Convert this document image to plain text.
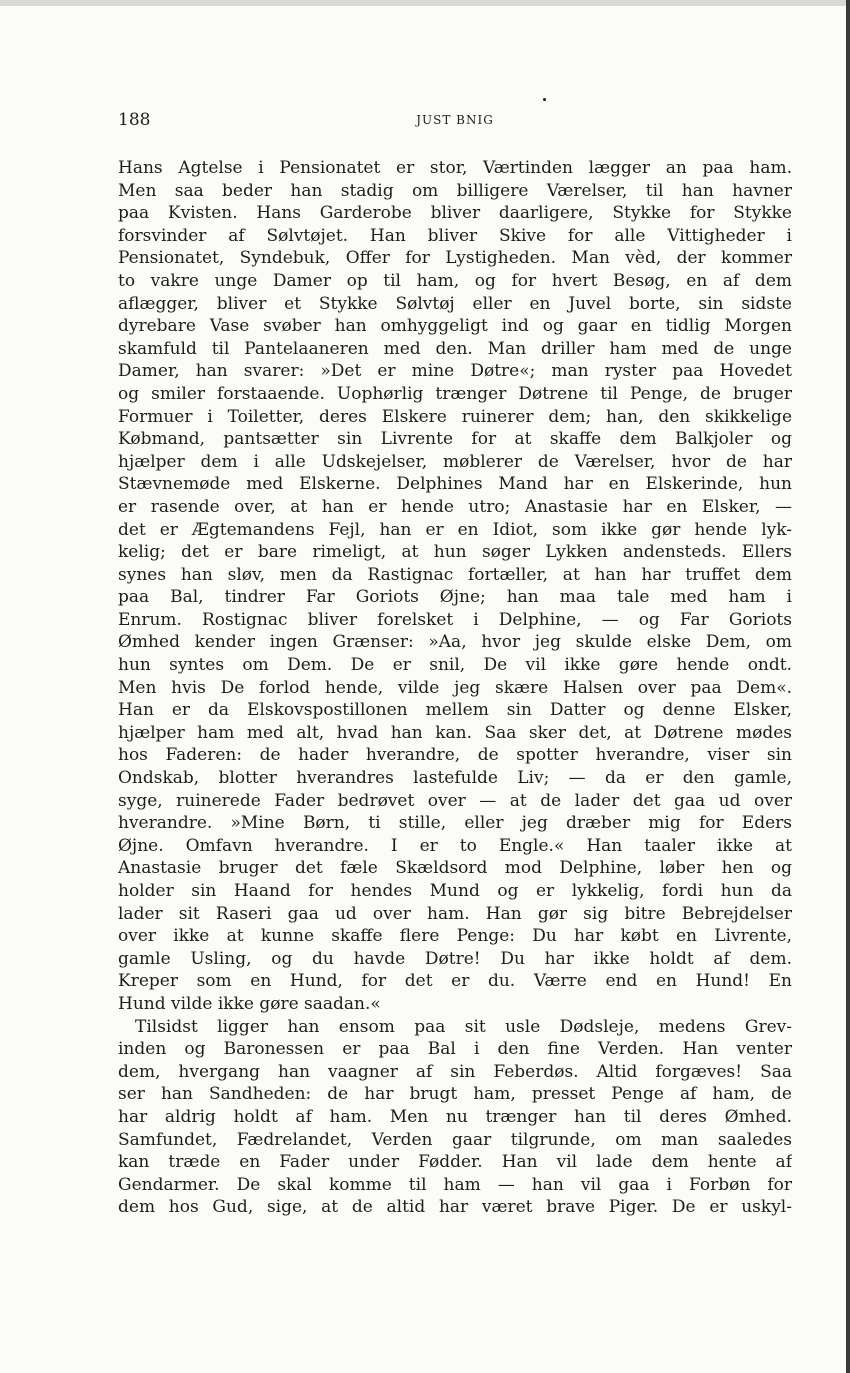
188	JUST BNIG
Hans Agtelse i Pensionatet er stor, Værtinden lægger an paa ham.
Men saa beder han stadig om billigere Værelser, til han havner
paa Kvisten. Hans Garderobe bliver daarligere, Stykke for Stykke
forsvinder af Sølvtøjet. Han bliver Skive for alle Vittigheder i
Pensionatet, Syndebuk, Offer for Lystigheden. Man vèd, der kommer
to vakre unge Damer op til ham, og for hvert Besøg, en af dem
aflægger, bliver et Stykke Sølvtøj eller en Juvel borte, sin sidste
dyrebare Vase svøber han omhyggeligt ind og gaar en tidlig Morgen
skamfuld til Pantelaaneren med den. Man driller ham med de unge
Damer, han svarer: »Det er mine Døtre«; man ryster paa Hovedet
og smiler forstaaende. Uophørlig trænger Døtrene til Penge, de bruger
Formuer i Toiletter, deres Elskere ruinerer dem; han, den skikkelige
Købmand, pantsætter sin Livrente for at skaffe dem Balkjoler og
hjælper dem i alle Udskejelser, møblerer de Værelser, hvor de har
Stævnemøde med Elskerne. Delphines Mand har en Elskerinde, hun
er rasende over, at han er hende utro; Anastasie har en Elsker, —
det er Ægtemandens Fejl, han er en Idiot, som ikke gør hende lyk-
kelig; det er bare rimeligt, at hun søger Lykken andensteds. Ellers
synes han sløv, men da Rastignac fortæller, at han har truffet dem
paa Bal, tindrer Far Goriots Øjne; han maa tale med ham i
Enrum. Rostignac bliver forelsket i Delphine, — og Far Goriots
Ømhed kender ingen Grænser: »Aa, hvor jeg skulde elske Dem, om
hun syntes om Dem. De er snil, De vil ikke gøre hende ondt.
Men hvis De forlod hende, vilde jeg skære Halsen over paa Dem«.
Han er da Elskovspostillonen mellem sin Datter og denne Elsker,
hjælper ham med alt, hvad han kan. Saa sker det, at Døtrene mødes
hos Faderen: de hader hverandre, de spotter hverandre, viser sin
Ondskab, blotter hverandres lastefulde Liv; — da er den gamle,
syge, ruinerede Fader bedrøvet over — at de lader det gaa ud over
hverandre. »Mine Børn, ti stille, eller jeg dræber mig for Eders
Øjne. Omfavn hverandre. I er to Engle.« Han taaler ikke at
Anastasie bruger det fæle Skældsord mod Delphine, løber hen og
holder sin Haand for hendes Mund og er lykkelig, fordi hun da
lader sit Raseri gaa ud over ham. Han gør sig bitre Bebrejdelser
over ikke at kunne skaffe flere Penge: Du har købt en Livrente,
gamle Usling, og du havde Døtre! Du har ikke holdt af dem.
Kreper som en Hund, for det er du. Værre end en Hund! En
Hund vilde ikke gøre saadan.«
Tilsidst ligger han ensom paa sit usle Dødsleje, medens Grev-
inden og Baronessen er paa Bal i den fine Verden. Han venter
dem, hvergang han vaagner af sin Feberdøs. Altid forgæves! Saa
ser han Sandheden: de har brugt ham, presset Penge af ham, de
har aldrig holdt af ham. Men nu trænger han til deres Ømhed.
Samfundet, Fædrelandet, Verden gaar tilgrunde, om man saaledes
kan træde en Fader under Fødder. Han vil lade dem hente af
Gendarmer. De skal komme til ham — han vil gaa i Forbøn for
dem hos Gud, sige, at de altid har været brave Piger. De er uskyl-
